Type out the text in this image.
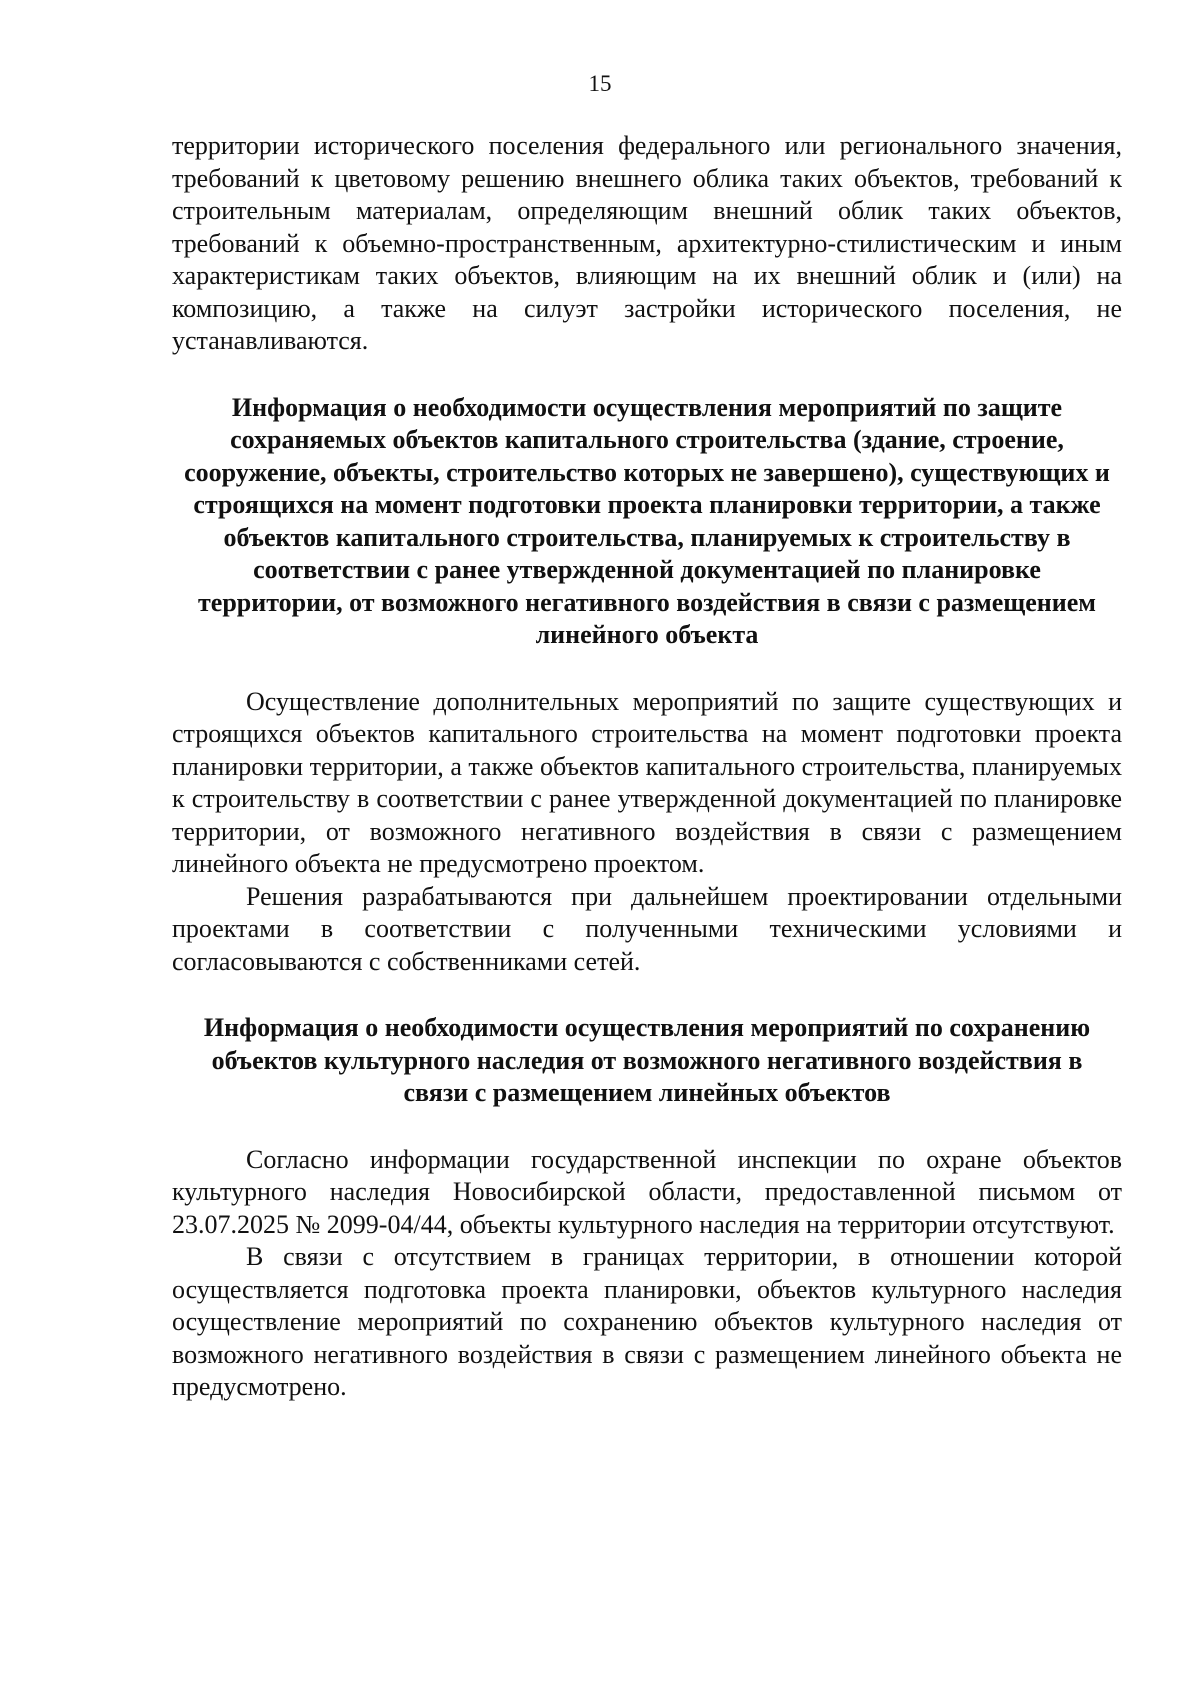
15

территории исторического поселения федерального или регионального значения, требований к цветовому решению внешнего облика таких объектов, требований к строительным материалам, определяющим внешний облик таких объектов, требований к объемно-пространственным, архитектурно-стилистическим и иным характеристикам таких объектов, влияющим на их внешний облик и (или) на композицию, а также на силуэт застройки исторического поселения, не устанавливаются.

Информация о необходимости осуществления мероприятий по защите сохраняемых объектов капитального строительства (здание, строение, сооружение, объекты, строительство которых не завершено), существующих и строящихся на момент подготовки проекта планировки территории, а также объектов капитального строительства, планируемых к строительству в соответствии с ранее утвержденной документацией по планировке территории, от возможного негативного воздействия в связи с размещением линейного объекта

Осуществление дополнительных мероприятий по защите существующих и строящихся объектов капитального строительства на момент подготовки проекта планировки территории, а также объектов капитального строительства, планируемых к строительству в соответствии с ранее утвержденной документацией по планировке территории, от возможного негативного воздействия в связи с размещением линейного объекта не предусмотрено проектом.

Решения разрабатываются при дальнейшем проектировании отдельными проектами в соответствии с полученными техническими условиями и согласовываются с собственниками сетей.

Информация о необходимости осуществления мероприятий по сохранению объектов культурного наследия от возможного негативного воздействия в связи с размещением линейных объектов

Согласно информации государственной инспекции по охране объектов культурного наследия Новосибирской области, предоставленной письмом от 23.07.2025 № 2099-04/44, объекты культурного наследия на территории отсутствуют.

В связи с отсутствием в границах территории, в отношении которой осуществляется подготовка проекта планировки, объектов культурного наследия осуществление мероприятий по сохранению объектов культурного наследия от возможного негативного воздействия в связи с размещением линейного объекта не предусмотрено.
